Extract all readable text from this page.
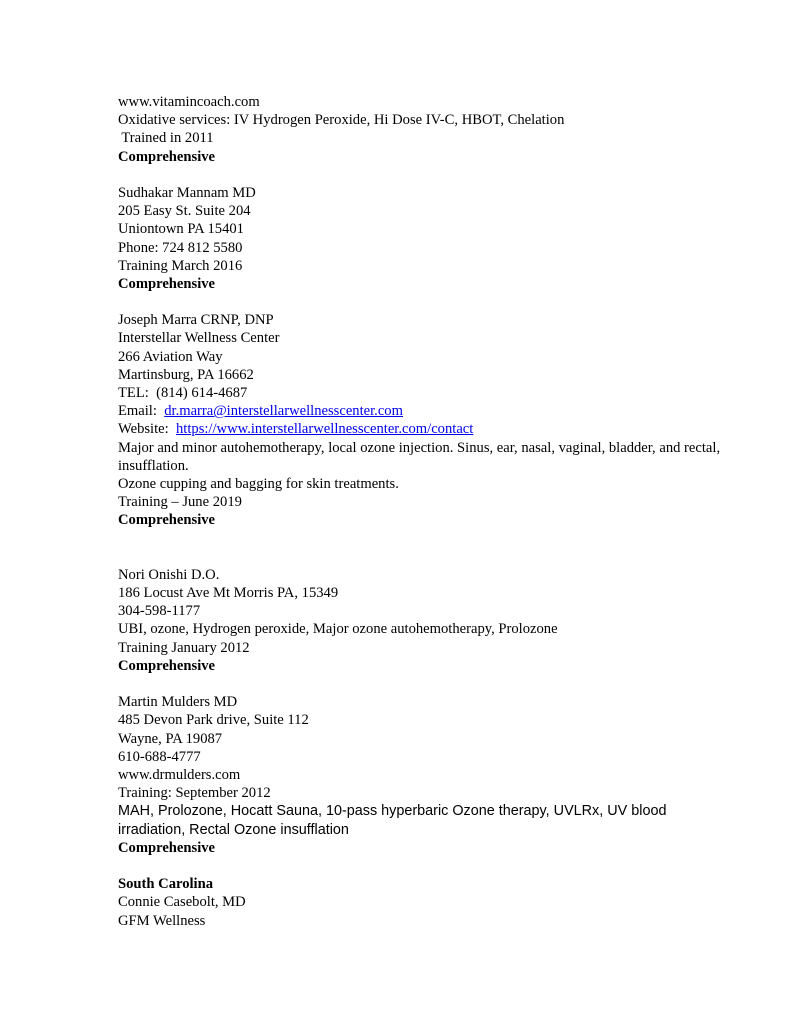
www.vitamincoach.com
Oxidative services: IV Hydrogen Peroxide, Hi Dose IV-C, HBOT, Chelation
Trained in 2011
Comprehensive
Sudhakar Mannam MD
205 Easy St. Suite 204
Uniontown PA 15401
Phone: 724 812 5580
Training March 2016
Comprehensive
Joseph Marra CRNP, DNP
Interstellar Wellness Center
266 Aviation Way
Martinsburg, PA 16662
TEL:  (814) 614-4687
Email:  dr.marra@interstellarwellnesscenter.com
Website:  https://www.interstellarwellnesscenter.com/contact
Major and minor autohemotherapy, local ozone injection. Sinus, ear, nasal, vaginal, bladder, and rectal, insufflation.
Ozone cupping and bagging for skin treatments.
Training – June 2019
Comprehensive
Nori Onishi D.O.
186 Locust Ave Mt Morris PA, 15349
304-598-1177
UBI, ozone, Hydrogen peroxide, Major ozone autohemotherapy, Prolozone
Training January 2012
Comprehensive
Martin Mulders MD
485 Devon Park drive, Suite 112
Wayne, PA 19087
610-688-4777
www.drmulders.com
Training: September 2012
MAH, Prolozone, Hocatt Sauna, 10-pass hyperbaric Ozone therapy, UVLRx, UV blood irradiation, Rectal Ozone insufflation
Comprehensive
South Carolina
Connie Casebolt, MD
GFM Wellness
